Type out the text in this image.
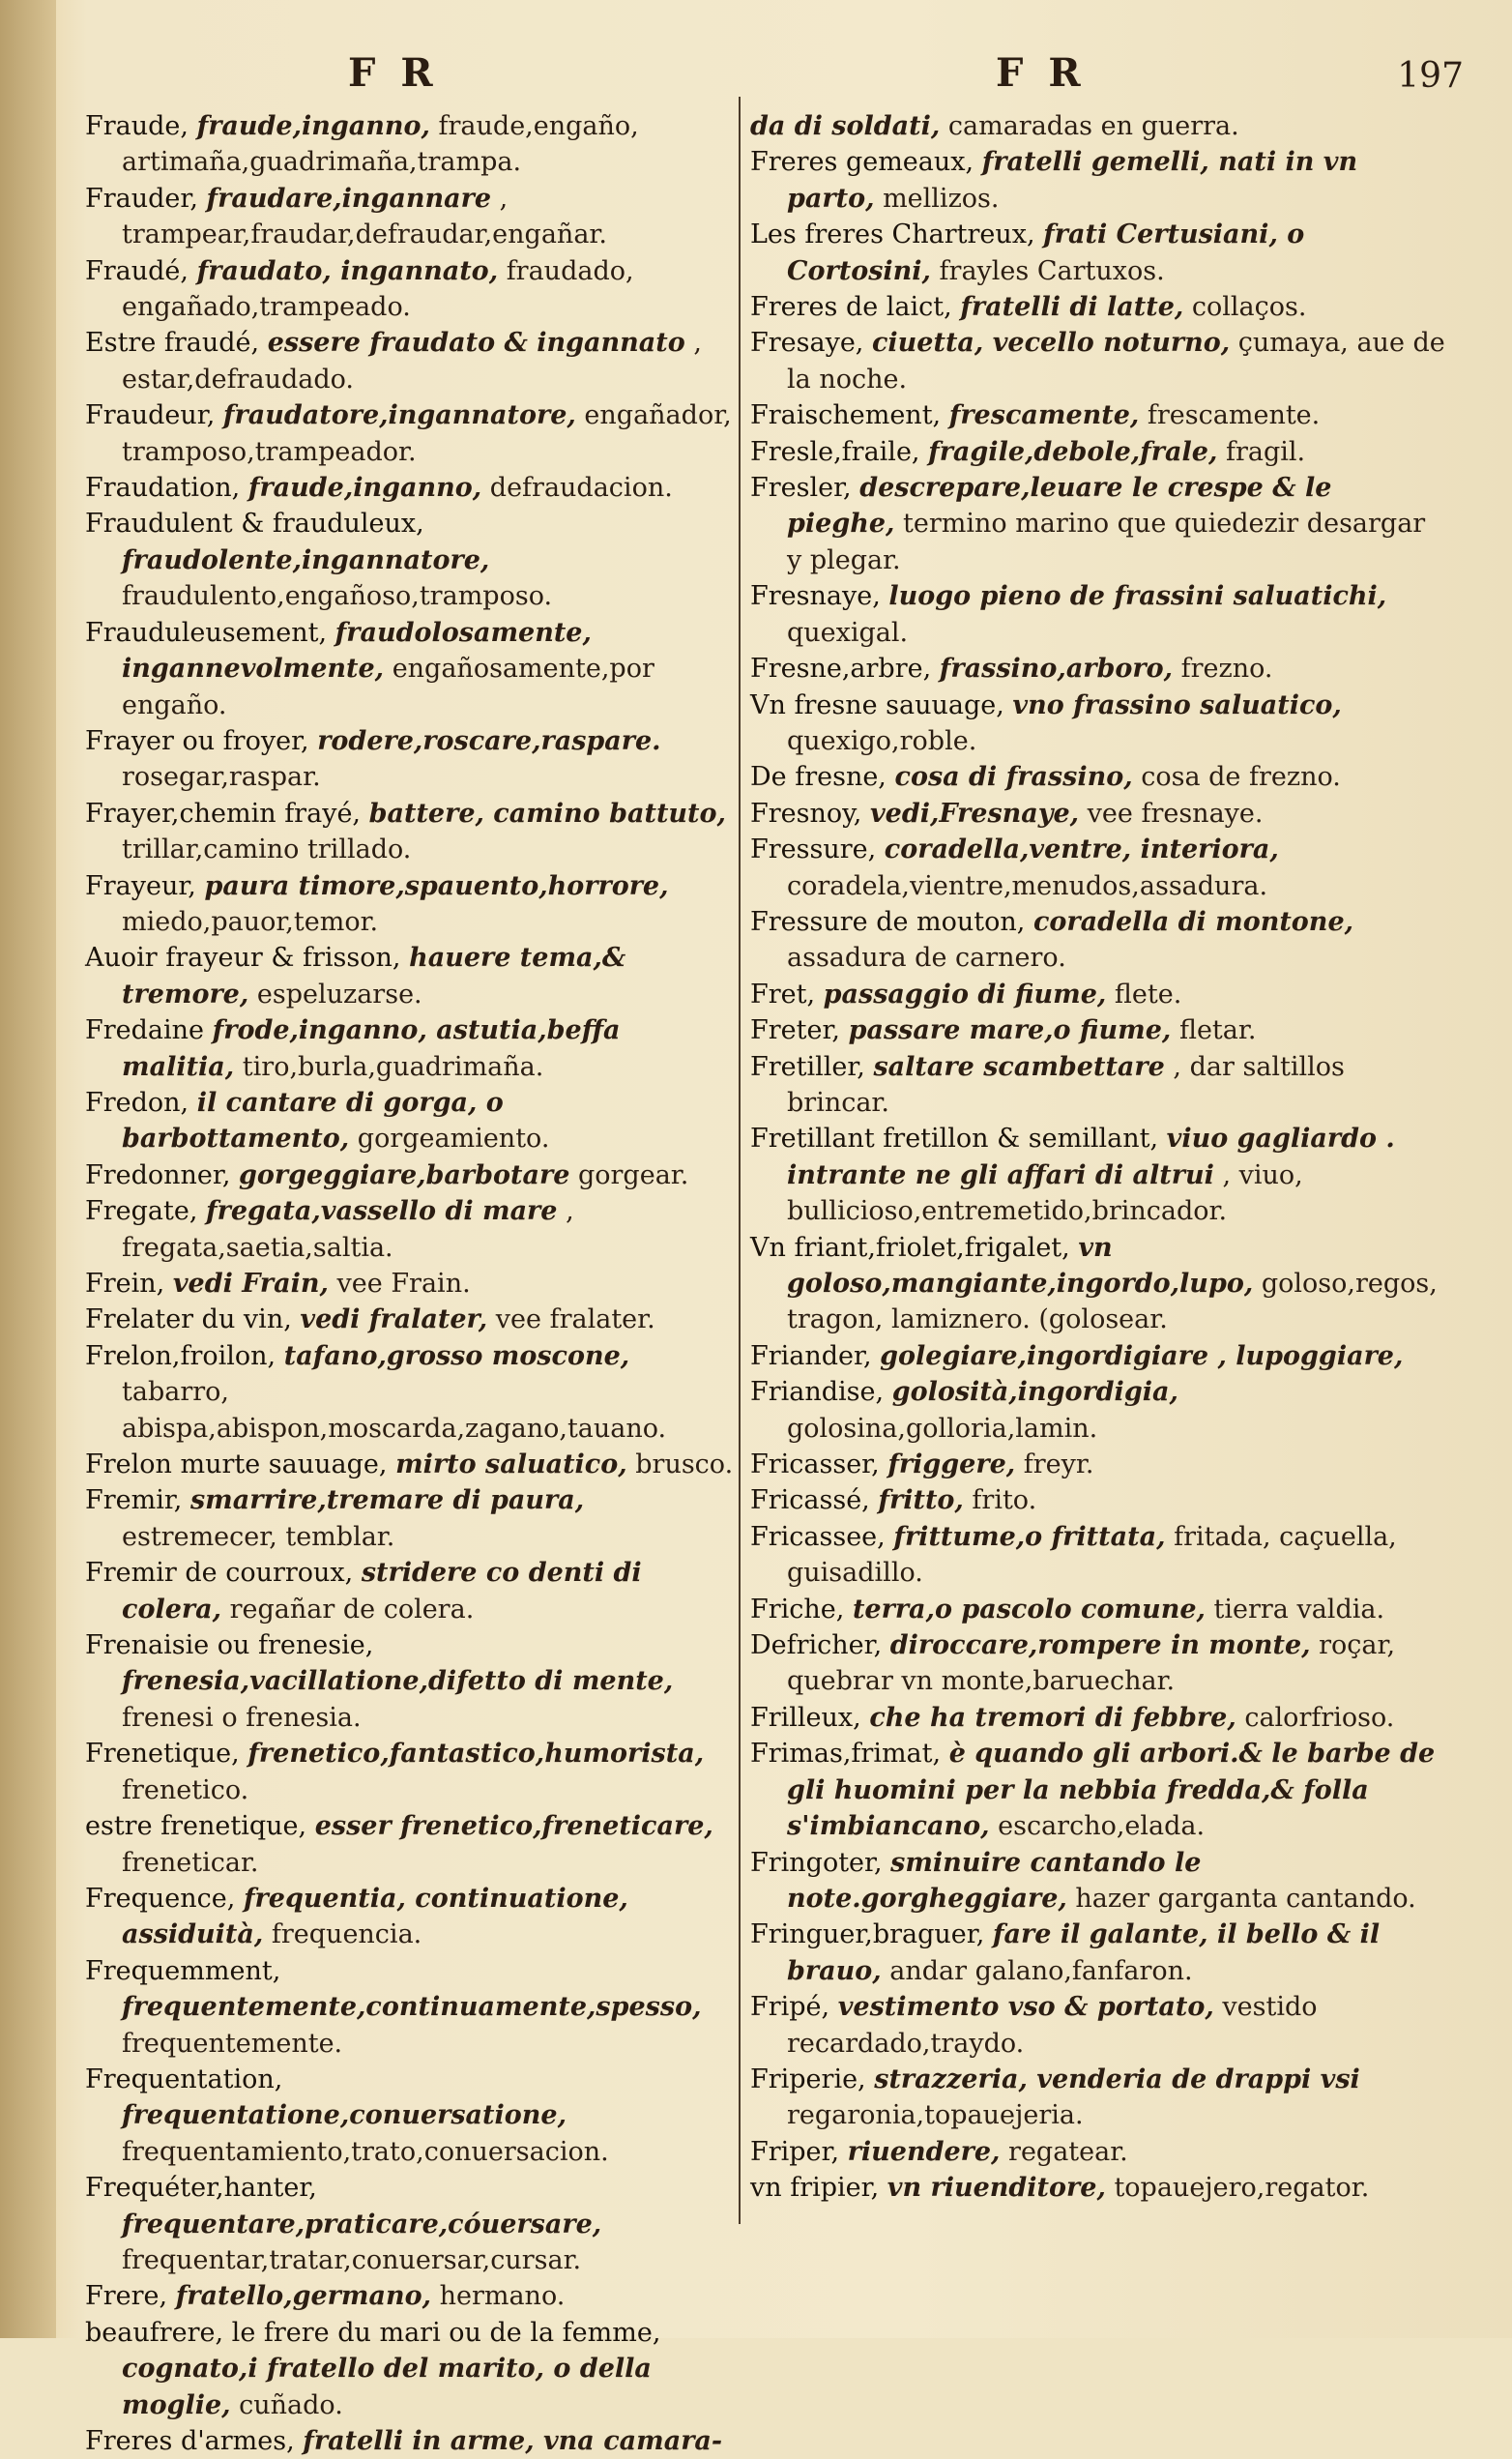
F R	F R	197

Fraude, fraude,inganno, fraude,engaño, artimaña,guadrimaña,trampa.

Frauder, fraudare,ingannare , trampear,fraudar,defraudar,engañar.

Fraudé, fraudato, ingannato, fraudado, engañado,trampeado.

Estre fraudé, essere fraudato & ingannato , estar,defraudado.

Fraudeur, fraudatore,ingannatore, engañador, tramposo,trampeador.

Fraudation, fraude,inganno, defraudacion.

Fraudulent & frauduleux, fraudolente,ingannatore, fraudulento,engañoso,tramposo.

Frauduleusement, fraudolosamente, ingannevolmente, engañosamente,por engaño.

Frayer ou froyer, rodere,roscare,raspare. rosegar,raspar.

Frayer,chemin frayé, battere, camino battuto, trillar,camino trillado.

Frayeur, paura timore,spauento,horrore, miedo,pauor,temor.

Auoir frayeur & frisson, hauere tema,& tremore, espeluzarse.

Fredaine frode,inganno, astutia,beffa malitia, tiro,burla,guadrimaña.

Fredon, il cantare di gorga, o barbottamento, gorgeamiento.

Fredonner, gorgeggiare,barbotare gorgear.

Fregate, fregata,vassello di mare , fregata,saetia,saltia.

Frein, vedi Frain, vee Frain.

Frelater du vin, vedi fralater, vee fralater.

Frelon,froilon, tafano,grosso moscone, tabarro, abispa,abispon,moscarda,zagano,tauano.

Frelon murte sauuage, mirto saluatico, brusco.

Fremir, smarrire,tremare di paura, estremecer, temblar.

Fremir de courroux, stridere co denti di colera, regañar de colera.

Frenaisie ou frenesie, frenesia,vacillatione,difetto di mente, frenesi o frenesia.

Frenetique, frenetico,fantastico,humorista, frenetico.

estre frenetique, esser frenetico,freneticare, freneticar.

Frequence, frequentia, continuatione, assiduità, frequencia.

Frequemment, frequentemente,continuamente,spesso, frequentemente.

Frequentation, frequentatione,conuersatione, frequentamiento,trato,conuersacion.

Frequéter,hanter, frequentare,praticare,cóuersare, frequentar,tratar,conuersar,cursar.

Frere, fratello,germano, hermano.

beaufrere, le frere du mari ou de la femme, cognato,i fratello del marito, o della moglie, cuñado.

Freres d'armes, fratelli in arme, vna camara-

da di soldati, camaradas en guerra.

Freres gemeaux, fratelli gemelli, nati in vn parto, mellizos.

Les freres Chartreux, frati Certusiani, o Cortosini, frayles Cartuxos.

Freres de laict, fratelli di latte, collaços.

Fresaye, ciuetta, vecello noturno, çumaya, aue de la noche.

Fraischement, frescamente, frescamente.

Fresle,fraile, fragile,debole,frale, fragil.

Fresler, descrepare,leuare le crespe & le pieghe, termino marino que quiedezir desargar y plegar.

Fresnaye, luogo pieno de frassini saluatichi, quexigal.

Fresne,arbre, frassino,arboro, frezno.

Vn fresne sauuage, vno frassino saluatico, quexigo,roble.

De fresne, cosa di frassino, cosa de frezno.

Fresnoy, vedi,Fresnaye, vee fresnaye.

Fressure, coradella,ventre, interiora, coradela,vientre,menudos,assadura.

Fressure de mouton, coradella di montone, assadura de carnero.

Fret, passaggio di fiume, flete.

Freter, passare mare,o fiume, fletar.

Fretiller, saltare scambettare , dar saltillos brincar.

Fretillant fretillon & semillant, viuo gagliardo . intrante ne gli affari di altrui , viuo, bullicioso,entremetido,brincador.

Vn friant,friolet,frigalet, vn goloso,mangiante,ingordo,lupo, goloso,regos, tragon, lamiznero. (golosear.

Friander, golegiare,ingordigiare , lupoggiare,

Friandise, golosità,ingordigia, golosina,golloria,lamin.

Fricasser, friggere, freyr.

Fricassé, fritto, frito.

Fricassee, frittume,o frittata, fritada, caçuella, guisadillo.

Friche, terra,o pascolo comune, tierra valdia.

Defricher, diroccare,rompere in monte, roçar, quebrar vn monte,baruechar.

Frilleux, che ha tremori di febbre, calorfrioso.

Frimas,frimat, è quando gli arbori.& le barbe de gli huomini per la nebbia fredda,& folla s'imbiancano, escarcho,elada.

Fringoter, sminuire cantando le note.gorgheggiare, hazer garganta cantando.

Fringuer,braguer, fare il galante, il bello & il brauo, andar galano,fanfaron.

Fripé, vestimento vso & portato, vestido recardado,traydo.

Friperie, strazzeria, venderia de drappi vsi regaronia,topauejeria.

Friper, riuendere, regatear.

vn fripier, vn riuenditore, topauejero,regator.
